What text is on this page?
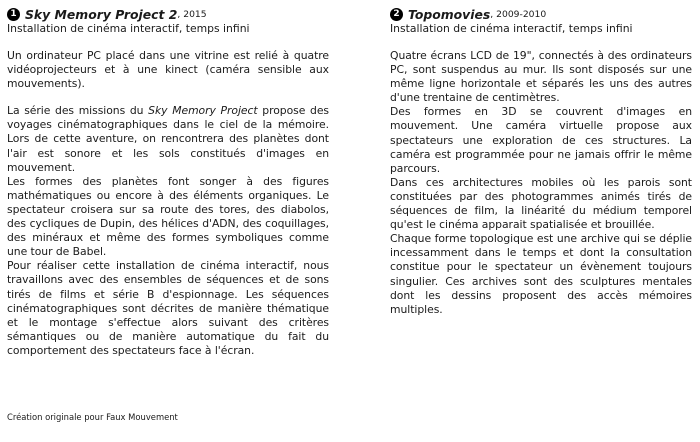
1 Sky Memory Project 2 , 2015
Installation de cinéma interactif, temps infini

Un ordinateur PC placé dans une vitrine est relié à quatre vidéoprojecteurs et à une kinect (caméra sensible aux mouvements).

La série des missions du Sky Memory Project propose des voyages cinématographiques dans le ciel de la mémoire. Lors de cette aventure, on rencontrera des planètes dont l'air est sonore et les sols constitués d'images en mouvement.

Les formes des planètes font songer à des figures mathématiques ou encore à des éléments organiques. Le spectateur croisera sur sa route des tores, des diabolos, des cycliques de Dupin, des hélices d'ADN, des coquillages, des minéraux et même des formes symboliques comme une tour de Babel.

Pour réaliser cette installation de cinéma interactif, nous travaillons avec des ensembles de séquences et de sons tirés de films et série B d'espionnage. Les séquences cinématographiques sont décrites de manière thématique et le montage s'effectue alors suivant des critères sémantiques ou de manière automatique du fait du comportement des spectateurs face à l'écran.

2 Topomovies , 2009-2010
Installation de cinéma interactif, temps infini

Quatre écrans LCD de 19", connectés à des ordinateurs PC, sont suspendus au mur. Ils sont disposés sur une même ligne horizontale et séparés les uns des autres d'une trentaine de centimètres.

Des formes en 3D se couvrent d'images en mouvement. Une caméra virtuelle propose aux spectateurs une exploration de ces structures. La caméra est programmée pour ne jamais offrir le même parcours.

Dans ces architectures mobiles où les parois sont constituées par des photogrammes animés tirés de séquences de film, la linéarité du médium temporel qu'est le cinéma apparait spatialisée et brouillée.

Chaque forme topologique est une archive qui se déplie incessamment dans le temps et dont la consultation constitue pour le spectateur un évènement toujours singulier. Ces archives sont des sculptures mentales dont les dessins proposent des accès mémoires multiples.

Création originale pour Faux Mouvement
